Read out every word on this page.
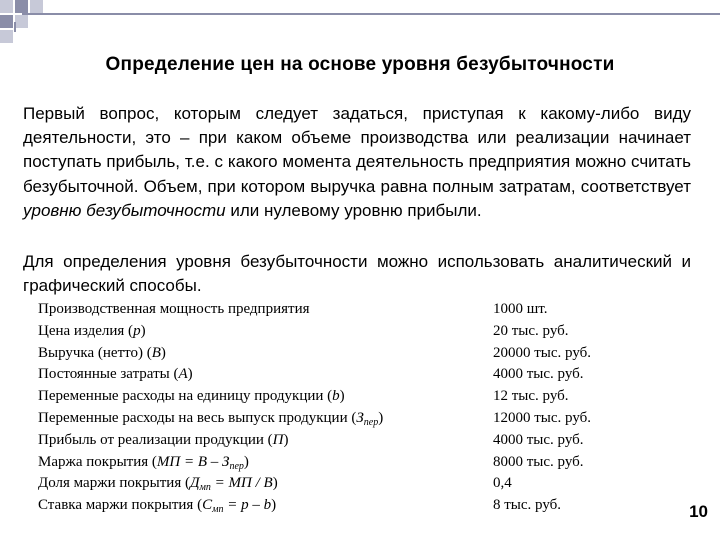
Определение цен на основе уровня безубыточности
Первый вопрос, которым следует задаться, приступая к какому-либо виду деятельности, это – при каком объеме производства или реализации начинает поступать прибыль, т.е. с какого момента деятельность предприятия можно считать безубыточной. Объем, при котором выручка равна полным затратам, соответствует уровню безубыточности или нулевому уровню прибыли.
Для определения уровня безубыточности можно использовать аналитический и графический способы.
Производственная мощность предприятия	1000 шт.
Цена изделия (p)	20 тыс. руб.
Выручка (нетто) (В)	20000 тыс. руб.
Постоянные затраты (А)	4000 тыс. руб.
Переменные расходы на единицу продукции (b)	12 тыс. руб.
Переменные расходы на весь выпуск продукции $(З_{пер})$	12000 тыс. руб.
Прибыль от реализации продукции (П)	4000 тыс. руб.
Маржа покрытия $(МП = В - З_{пер})$	8000 тыс. руб.
Доля маржи покрытия ($Д_{мп}$ = МП / В)	0,4
Ставка маржи покрытия $(С_{мп} = р - b)$	8 тыс. руб.	10
